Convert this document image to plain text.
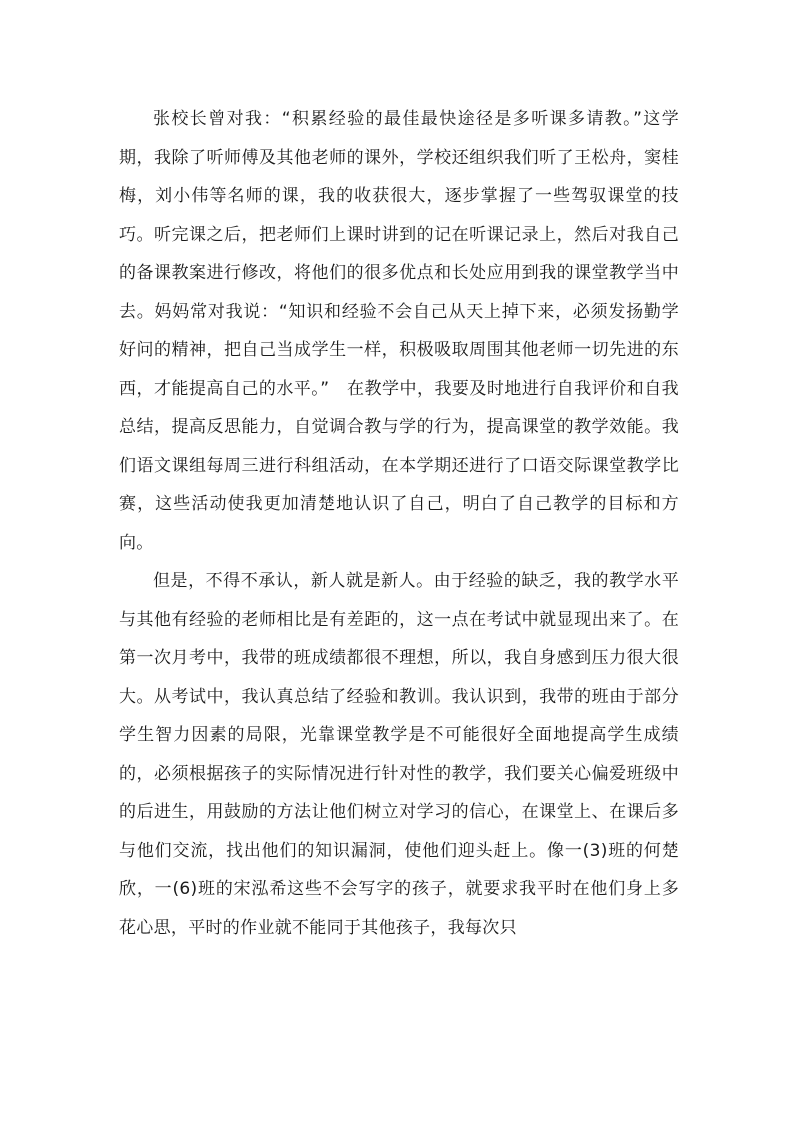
张校长曾对我：“积累经验的最佳最快途径是多听课多请教。”这学期，我除了听师傅及其他老师的课外，学校还组织我们听了王松舟，窦桂梅，刘小伟等名师的课，我的收获很大，逐步掌握了一些驾驭课堂的技巧。听完课之后，把老师们上课时讲到的记在听课记录上，然后对我自己的备课教案进行修改，将他们的很多优点和长处应用到我的课堂教学当中去。妈妈常对我说：“知识和经验不会自己从天上掉下来，必须发扬勤学好问的精神，把自己当成学生一样，积极吸取周围其他老师一切先进的东西，才能提高自己的水平。”　在教学中，我要及时地进行自我评价和自我总结，提高反思能力，自觉调合教与学的行为，提高课堂的教学效能。我们语文课组每周三进行科组活动，在本学期还进行了口语交际课堂教学比赛，这些活动使我更加清楚地认识了自己，明白了自己教学的目标和方向。

但是，不得不承认，新人就是新人。由于经验的缺乏，我的教学水平与其他有经验的老师相比是有差距的，这一点在考试中就显现出来了。在第一次月考中，我带的班成绩都很不理想，所以，我自身感到压力很大很大。从考试中，我认真总结了经验和教训。我认识到，我带的班由于部分学生智力因素的局限，光靠课堂教学是不可能很好全面地提高学生成绩的，必须根据孩子的实际情况进行针对性的教学，我们要关心偏爱班级中的后进生，用鼓励的方法让他们树立对学习的信心，在课堂上、在课后多与他们交流，找出他们的知识漏洞，使他们迎头赶上。像一(3)班的何楚欣，一(6)班的宋泓希这些不会写字的孩子，就要求我平时在他们身上多花心思，平时的作业就不能同于其他孩子，我每次只
